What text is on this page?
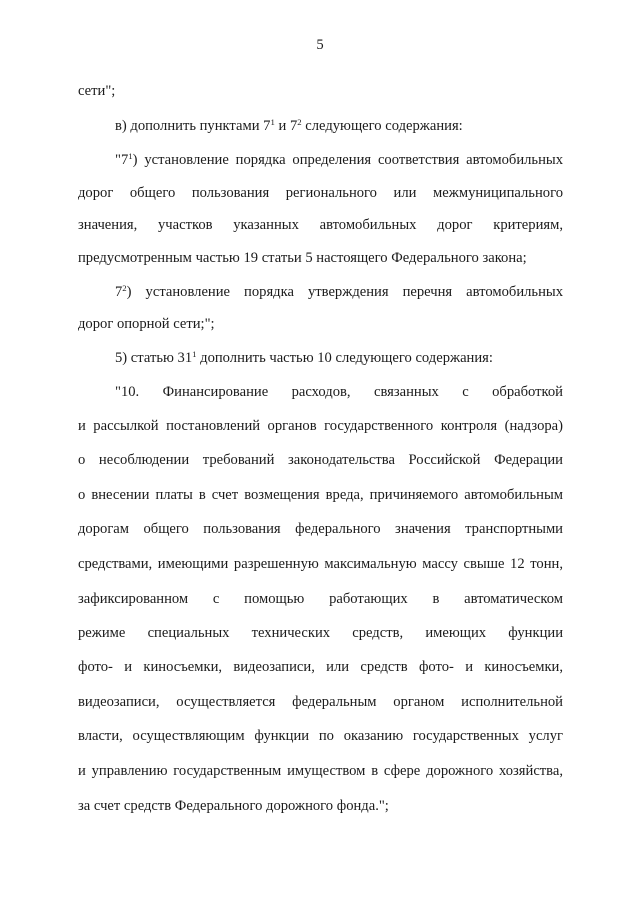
5
сети";
в) дополнить пунктами $7^1$ и $7^2$ следующего содержания:
"$7^1$) установление порядка определения соответствия автомобильных
дорог общего пользования регионального или межмуниципального
значения, участков указанных автомобильных дорог критериям,
предусмотренным частью 19 статьи 5 настоящего Федерального закона;
$7^2$) установление порядка утверждения перечня автомобильных
дорог опорной сети;";
5) статью $31^1$ дополнить частью 10 следующего содержания:
"10. Финансирование расходов, связанных с обработкой
и рассылкой постановлений органов государственного контроля (надзора)
о несоблюдении требований законодательства Российской Федерации
о внесении платы в счет возмещения вреда, причиняемого автомобильным
дорогам общего пользования федерального значения транспортными
средствами, имеющими разрешенную максимальную массу свыше 12 тонн,
зафиксированном с помощью работающих в автоматическом
режиме специальных технических средств, имеющих функции
фото- и киносъемки, видеозаписи, или средств фото- и киносъемки,
видеозаписи, осуществляется федеральным органом исполнительной
власти, осуществляющим функции по оказанию государственных услуг
и управлению государственным имуществом в сфере дорожного хозяйства,
за счет средств Федерального дорожного фонда.";
